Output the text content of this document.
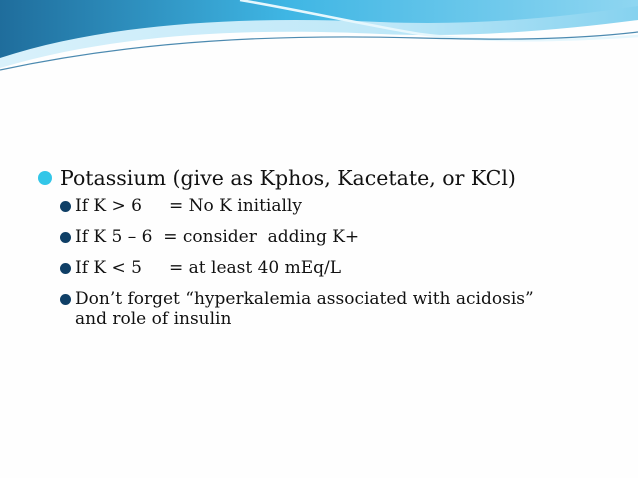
Potassium (give as Kphos, Kacetate, or KCl)
If K > 6     = No K initially
If K 5 – 6  = consider  adding K+
If K < 5     = at least 40 mEq/L
Don’t forget “hyperkalemia associated with acidosis” and role of insulin
